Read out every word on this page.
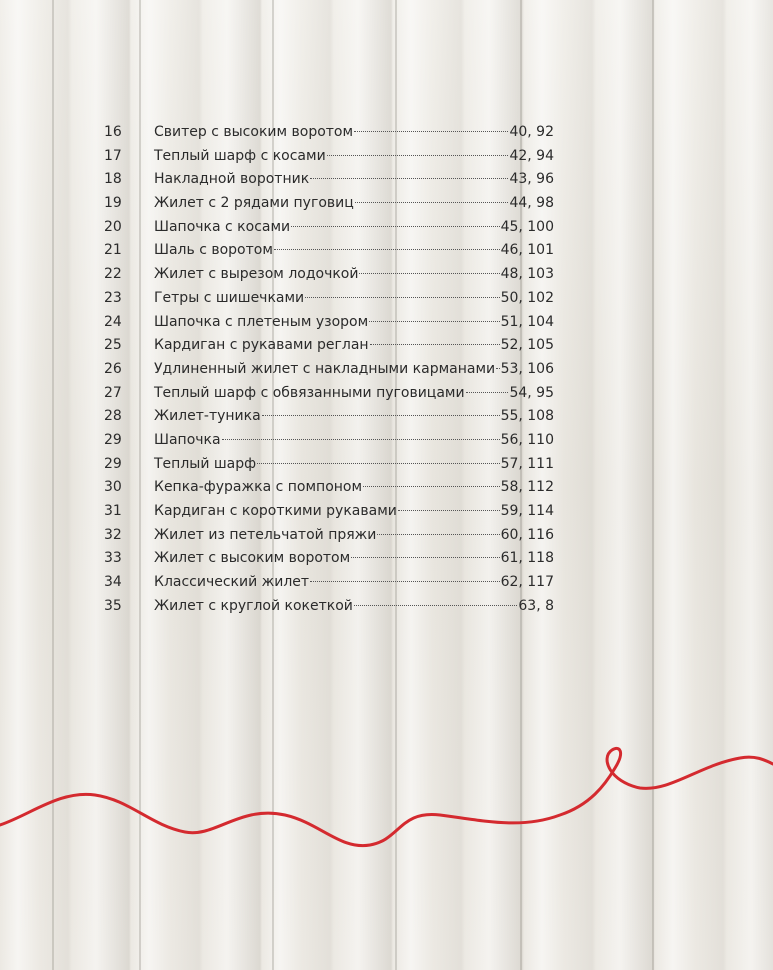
16	Свитер с высоким воротом	40, 92
17	Теплый шарф с косами	42, 94
18	Накладной воротник	43, 96
19	Жилет с 2 рядами пуговиц	44, 98
20	Шапочка с косами	45, 100
21	Шаль с воротом	46, 101
22	Жилет с вырезом лодочкой	48, 103
23	Гетры с шишечками	50, 102
24	Шапочка с плетеным узором	51, 104
25	Кардиган с рукавами реглан	52, 105
26	Удлиненный жилет с накладными карманами 53, 106
27	Теплый шарф с обвязанными пуговицами	54, 95
28	Жилет-туника	55, 108
29	Шапочка	56, 110
29	Теплый шарф	57, 111
30	Кепка-фуражка с помпоном	58, 112
31	Кардиган с короткими рукавами	59, 114
32	Жилет из петельчатой пряжи	60, 116
33	Жилет с высоким воротом	61, 118
34	Классический жилет	62, 117
35	Жилет с круглой кокеткой	63, 8
